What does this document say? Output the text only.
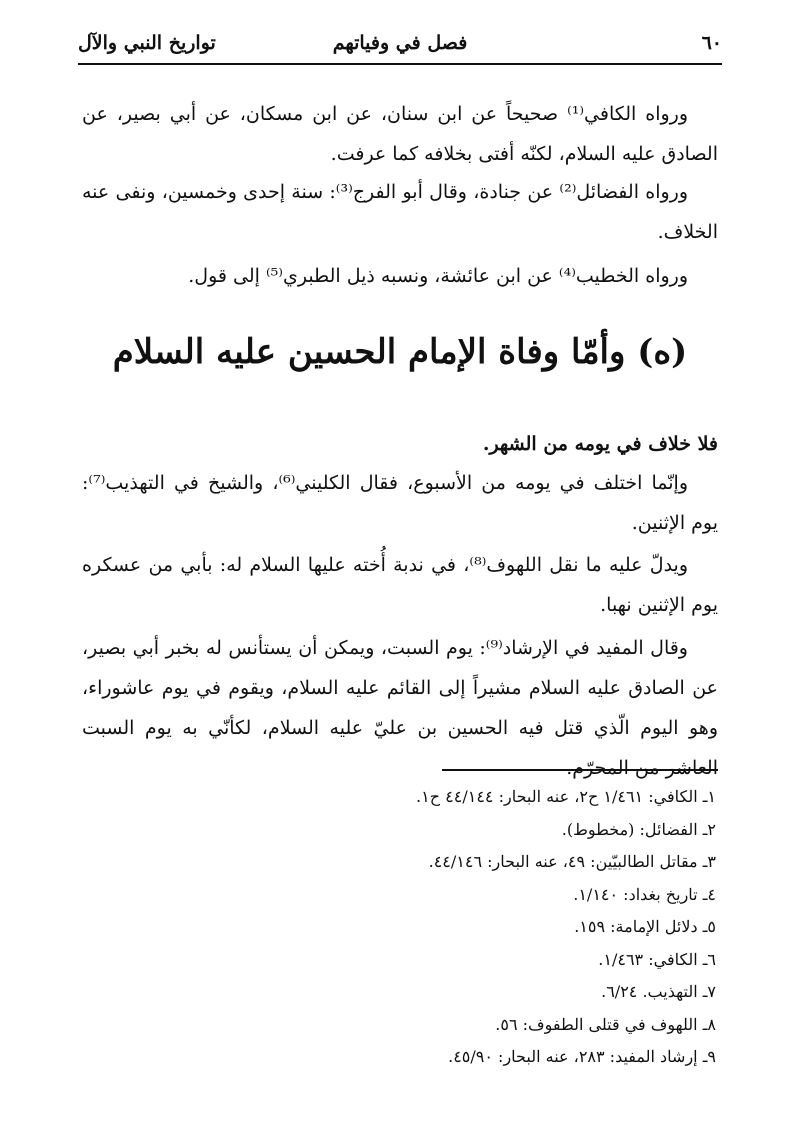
٦٠
فصل في وفياتهم
تواريخ النبي والآل
ورواه الكافي⁽¹⁾ صحيحاً عن ابن سنان، عن ابن مسكان، عن أبي بصير، عن الصادق عليه السلام، لكنّه أفتى بخلافه كما عرفت.
ورواه الفضائل⁽²⁾ عن جنادة، وقال أبو الفرج⁽³⁾: سنة إحدى وخمسين، ونفى عنه الخلاف.
ورواه الخطيب⁽⁴⁾ عن ابن عائشة، ونسبه ذيل الطبري⁽⁵⁾ إلى قول.
(ه) وأمّا وفاة الإمام الحسين عليه السلام
فلا خلاف في يومه من الشهر.
وإنّما اختلف في يومه من الأسبوع، فقال الكليني⁽⁶⁾، والشيخ في التهذيب⁽⁷⁾: يوم الإثنين.
ويدلّ عليه ما نقل اللهوف⁽⁸⁾، في ندبة أُخته عليها السلام له: بأبي من عسكره يوم الإثنين نهبا.
وقال المفيد في الإرشاد⁽⁹⁾: يوم السبت، ويمكن أن يستأنس له بخبر أبي بصير، عن الصادق عليه السلام مشيراً إلى القائم عليه السلام، ويقوم في يوم عاشوراء، وهو اليوم الّذي قتل فيه الحسين بن عليّ عليه السلام، لكأنّي به يوم السبت العاشر من المحرّم.
١ـ الكافي: ١/٤٦١ ح٢، عنه البحار: ٤٤/١٤٤ ح١.
٢ـ الفضائل: (مخطوط).
٣ـ مقاتل الطالبيّين: ٤٩، عنه البحار: ٤٤/١٤٦.
٤ـ تاريخ بغداد: ١/١٤٠.
٥ـ دلائل الإمامة: ١٥٩.
٦ـ الكافي: ١/٤٦٣.
٧ـ التهذيب. ٦/٢٤.
٨ـ اللهوف في قتلى الطفوف: ٥٦.
٩ـ إرشاد المفيد: ٢٨٣، عنه البحار: ٤٥/٩٠.
